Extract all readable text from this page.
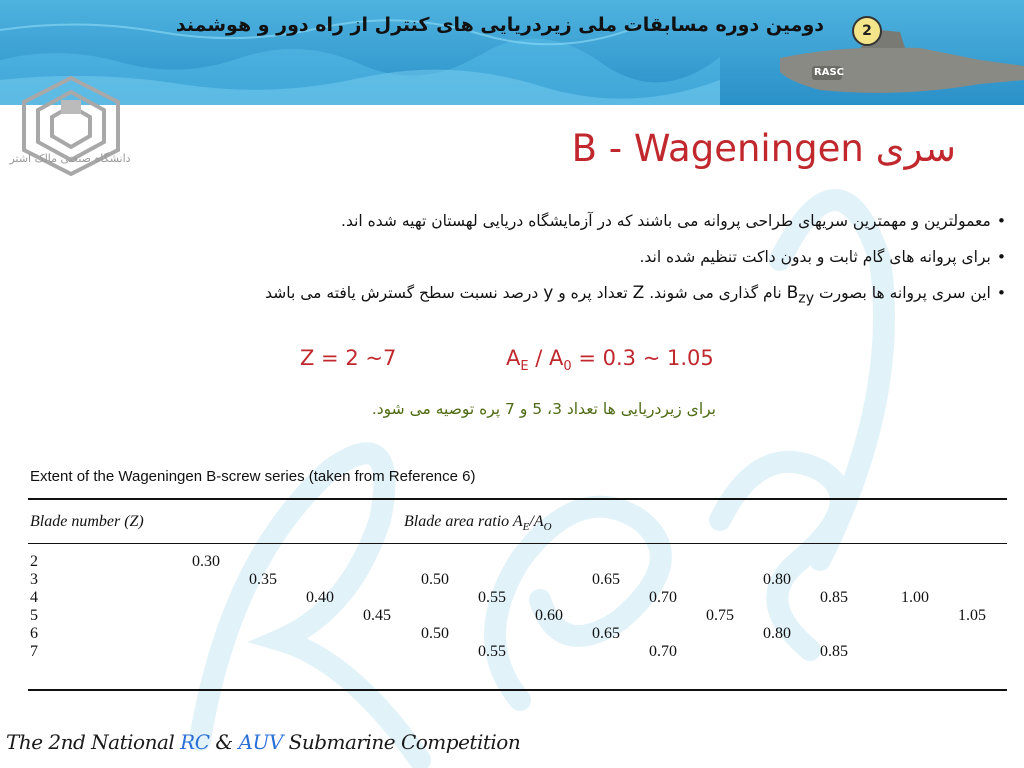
دومین دوره مسابقات ملی زیردریایی های کنترل از راه دور و هوشمند	2
RASC
دانشگاه صنعتی مالک اشتر	سری B - Wageningen
•معمولترین و مهمترین سریهای طراحی پروانه می باشند که در آزمایشگاه دریایی لهستان تهیه شده اند.
•برای پروانه های گام ثابت و بدون داکت تنظیم شده اند.
•این سری پروانه ها بصورت $B_{zy}$ نام گذاری می شوند. Z تعداد پره و y درصد نسبت سطح گسترش یافته می باشد
Z = 2 ~7	$A_E / A_0 = 0.3$ ~ 1.05
برای زیردریایی ها تعداد 3، 5 و 7 پره توصیه می شود.
Extent of the Wageningen B-screw series (taken from Reference 6)
Blade number (Z)	Blade area ratio $A_E/A_O$
2	0.30
3	0.35	0.50	0.65	0.80
4	0.40	0.55	0.70	0.85	1.00
5	0.45	0.60	0.75	1.05
6	0.50	0.65	0.80
7	0.55	0.70	0.85
The 2nd National RC & AUV Submarine Competition
